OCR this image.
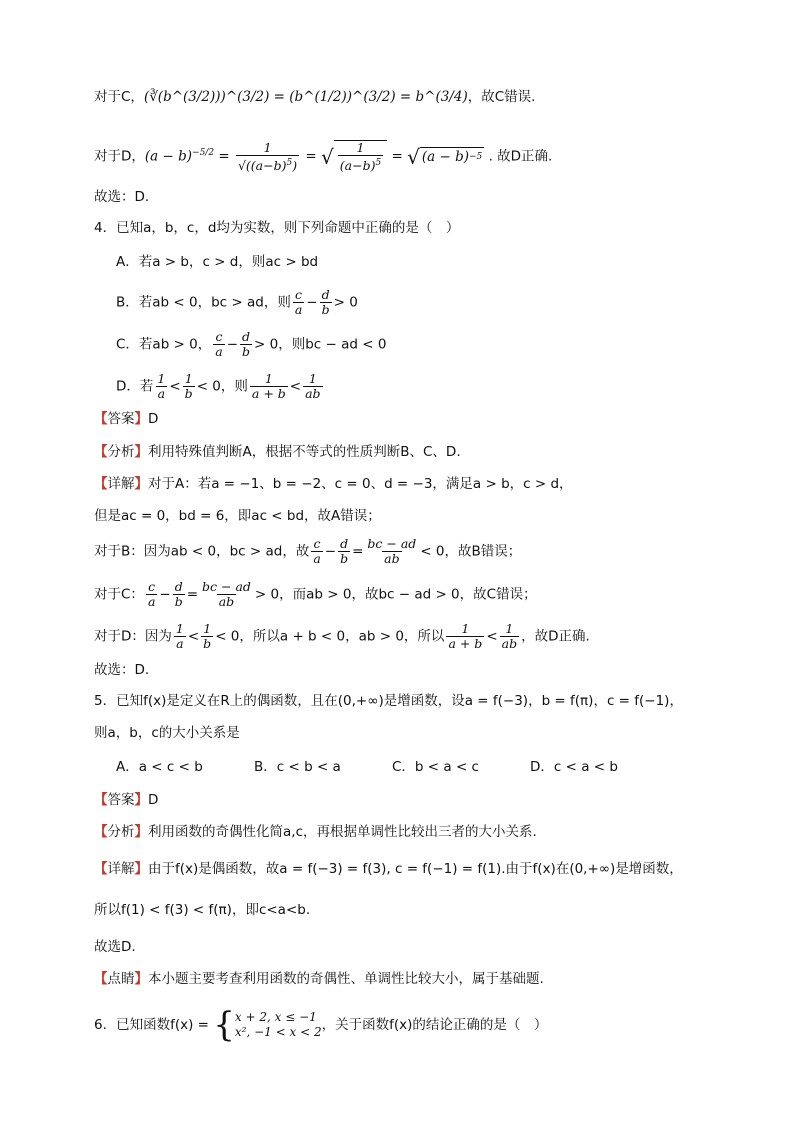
对于C，(∛(b^(3/2)))^(3/2) = (b^(1/2))^(3/2) = b^(3/4)，故C错误.
对于D，$(a - b)^{-5/2} = \frac{1}{√((a-b)^5)}$ = √ $\frac{1}{(a-b)^5}$ = √ (a − b) −5 . 故D正确.
故选：D.
4．已知a，b，c，d均为实数，则下列命题中正确的是（　）
A．若a > b，c > d，则ac > bd
B．若ab < 0，bc > ad，则 $\frac{c}{a} - \frac{d}{b} > 0$
C．若ab > 0， $\frac{c}{a} - \frac{d}{b} > 0$，则bc − ad < 0
D．若 $\frac{1}{a} < \frac{1}{b} < 0$，则 $\frac{1}{a + b} < \frac{1}{ab}$
【答案】D
【分析】利用特殊值判断A，根据不等式的性质判断B、C、D.
【详解】对于A：若a = −1、b = −2、c = 0、d = −3，满足a > b，c > d，
但是ac = 0，bd = 6，即ac < bd，故A错误；
对于B：因为ab < 0，bc > ad，故 $\frac{c}{a} - \frac{d}{b} = \frac{bc - ad}{ab} < 0$，故B错误；
对于C： $\frac{c}{a} - \frac{d}{b} = \frac{bc - ad}{ab} > 0$，而ab > 0，故bc − ad > 0，故C错误；
对于D：因为 $\frac{1}{a} < \frac{1}{b} < 0$，所以a + b < 0，ab > 0，所以 $\frac{1}{a + b} < \frac{1}{ab}$ ，故D正确.
故选：D.
5．已知f(x)是定义在R上的偶函数，且在(0,+∞)是增函数，设a = f(−3)，b = f(π)，c = f(−1)，
则a，b，c的大小关系是
A．a < c < b	B．c < b < a	C．b < a < c	D．c < a < b
【答案】D
【分析】利用函数的奇偶性化简a,c，再根据单调性比较出三者的大小关系.
【详解】由于f(x)是偶函数，故a = f(−3) = f(3), c = f(−1) = f(1).由于f(x)在(0,+∞)是增函数，
所以f(1) < f(3) < f(π)，即c<a<b.
故选D.
【点睛】本小题主要考查利用函数的奇偶性、单调性比较大小，属于基础题.
6．已知函数f(x) = { x + 2, x ≤ −1
x², −1 < x < 2 ，关于函数f(x)的结论正确的是（　）
